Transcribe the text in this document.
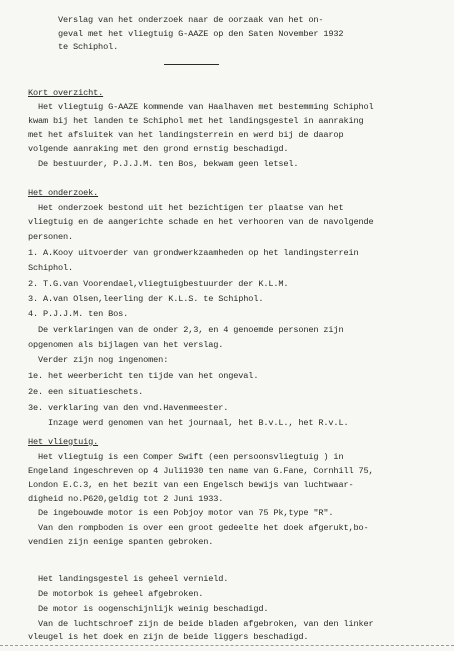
Verslag van het onderzoek naar de oorzaak van het on-
geval met het vliegtuig G-AAZE op den Saten November 1932
te Schiphol.
Kort overzicht.
Het vliegtuig G-AAZE kommende van Haalhaven met bestemming Schiphol
kwam bij het landen te Schiphol met het landingsgestel in aanraking
met het afsluitek van het landingsterrein en werd bij de daarop
volgende aanraking met den grond ernstig beschadigd.
De bestuurder, P.J.J.M. ten Bos, bekwam geen letsel.
Het onderzoek.
Het onderzoek bestond uit het bezichtigen ter plaatse van het
vliegtuig en de aangerichte schade en het verhooren van de navolgende
personen.
1. A.Kooy uitvoerder van grondwerkzaamheden op het landingsterrein
Schiphol.
2. T.G.van Voorendael,vliegtuigbestuurder der K.L.M.
3. A.van Olsen,leerling der K.L.S. te Schiphol.
4. P.J.J.M. ten Bos.
De verklaringen van de onder 2,3, en 4 genoemde personen zijn
opgenomen als bijlagen van het verslag.
Verder zijn nog ingenomen:
1e. het weerbericht ten tijde van het ongeval.
2e. een situatieschets.
3e. verklaring van den vnd.Havenmeester.
Inzage werd genomen van het journaal, het B.v.L., het R.v.L.
Het vliegtuig.
Het vliegtuig is een Comper Swift (een persoonsvliegtuig ) in
Engeland ingeschreven op 4 Juli1930 ten name van G.Fane, Cornhill 75,
London E.C.3, en het bezit van een Engelsch bewijs van luchtwaar-
digheid no.P620,geldig tot 2 Juni 1933.
De ingebouwde motor is een Pobjoy motor van 75 Pk,type "R".
Van den rompboden is over een groot gedeelte het doek afgerukt,bo-
vendien zijn eenige spanten gebroken.
Het landingsgestel is geheel vernield.
De motorbok is geheel afgebroken.
De motor is oogenschijnlijk weinig beschadigd.
Van de luchtschroef zijn de beide bladen afgebroken, van den linker
vleugel is het doek en zijn de beide liggers beschadigd.
